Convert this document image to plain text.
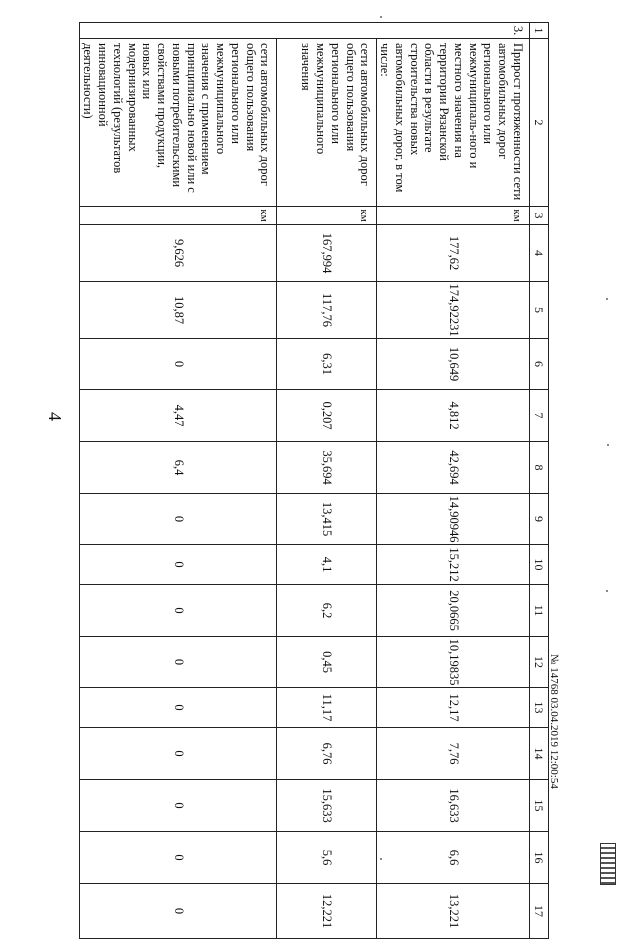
4
1	2	3	4	5	6	7	8	9	10	11	12	13	14	15	16	17
3.	Прирост протяженности сети автомобильных дорог регионального или межмуниципаль-ного и местного значения на территории Рязанской области в результате строительства новых автомобильных дорог, в том числе:	км	177,62	174,92231	10,649	4,812	42,694	14,90946	15,212	20,0665	10,19835	12,17	7,76	16,633	6,6	13,221
	сети автомобильных дорог общего пользования регионального или межмуниципального значения	км	167,994	117,76	6,31	0,207	35,694	13,415	4,1	6,2	0,45	11,17	6,76	15,633	5,6	12,221
	сети автомобильных дорог общего пользования регионального или межмуниципального значения с применением принципиально новой или с новыми потребительскими свойствами продукции, новых или модернизированных технологий (результатов инновационной деятельности)	км	9,626	10,87	0	4,47	6,4	0	0	0	0	0	0	0	0	0
№ 14768 03.04.2019 12:00:54
